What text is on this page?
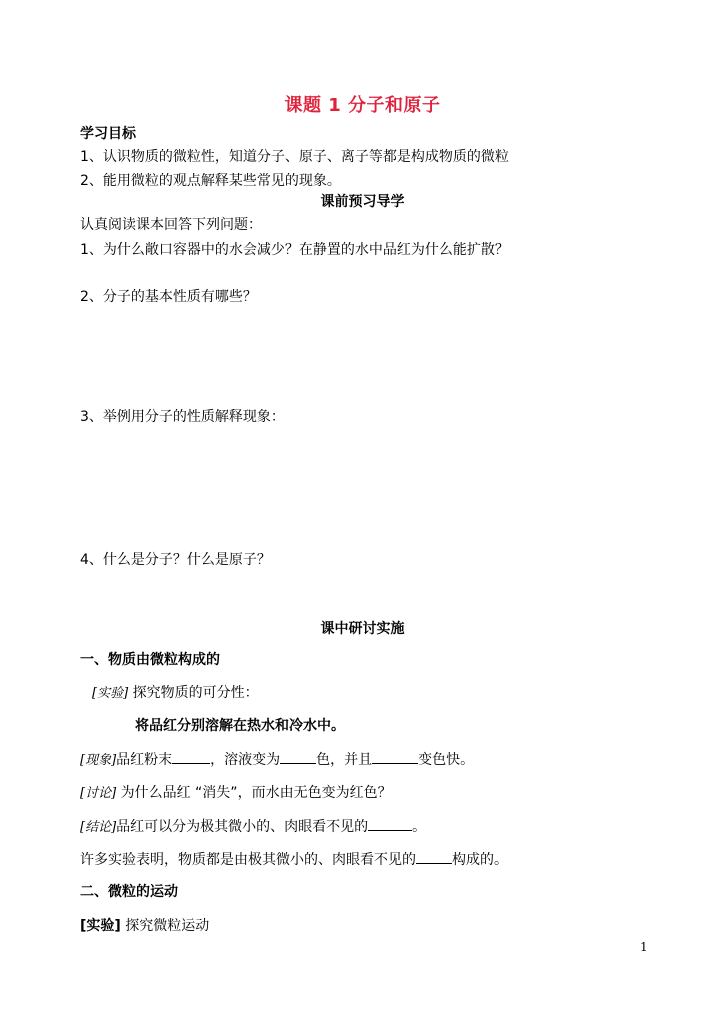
课题 1 分子和原子
学习目标
1、认识物质的微粒性，知道分子、原子、离子等都是构成物质的微粒
2、能用微粒的观点解释某些常见的现象。
课前预习导学
认真阅读课本回答下列问题：
1、为什么敞口容器中的水会减少？在静置的水中品红为什么能扩散？
2、分子的基本性质有哪些？
3、举例用分子的性质解释现象：
4、什么是分子？什么是原子？
课中研讨实施
一、物质由微粒构成的
[实验] 探究物质的可分性：
将品红分别溶解在热水和冷水中。
[现象]品红粉末	，溶液变为	色，并且	变色快。
[讨论] 为什么品红 “消失”，而水由无色变为红色？
[结论]品红可以分为极其微小的、肉眼看不见的	。
许多实验表明，物质都是由极其微小的、肉眼看不见的	构成的。
二、微粒的运动
[实验] 探究微粒运动
1
